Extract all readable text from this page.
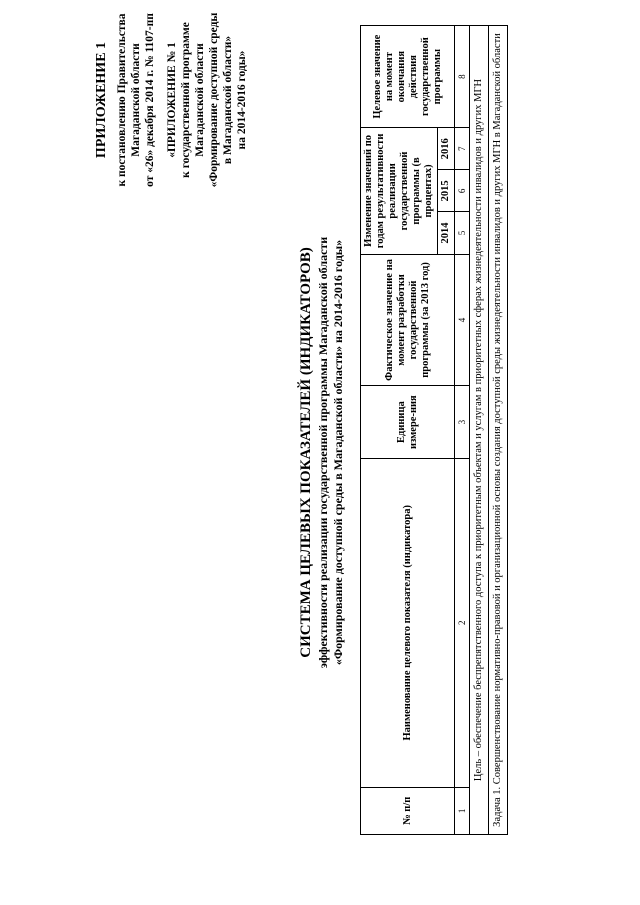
ПРИЛОЖЕНИЕ 1 к постановлению Правительства Магаданской области от «26» декабря 2014 г. № 1107-пп «ПРИЛОЖЕНИЕ № 1 к государственной программе Магаданской области «Формирование доступной среды в Магаданской области» на 2014-2016 годы»
СИСТЕМА ЦЕЛЕВЫХ ПОКАЗАТЕЛЕЙ (ИНДИКАТОРОВ) эффективности реализации государственной программы Магаданской области «Формирование доступной среды в Магаданской области» на 2014-2016 годы»
№ п/п	Наименование целевого показателя (индикатора)	Единица измере-ния	Фактическое значение на момент разработки государственной программы (за 2013 год)	Изменение значений по годам результативности реализации государственной программы (в процентах)			Целевое значение на момент окончания действия государственной программы
				2014	2015	2016	
1	2	3	4	5	6	7	8
Цель – обеспечение беспрепятственного доступа к приоритетным объектам и услугам в приоритетных сферах жизнедеятельности инвалидов и других МГН							
Задача 1. Совершенствование нормативно-правовой и организационной основы создания доступной среды жизнедеятельности инвалидов и других МГН в Магаданской области							
